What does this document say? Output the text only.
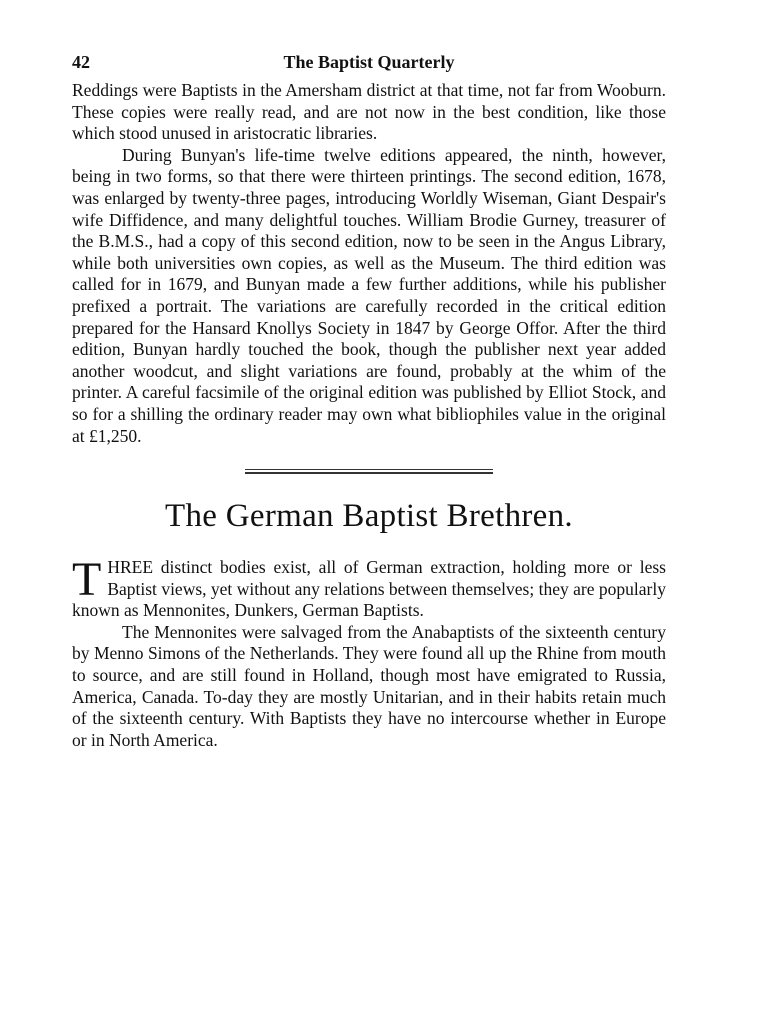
42	The Baptist Quarterly

Reddings were Baptists in the Amersham district at that time, not far from Wooburn. These copies were really read, and are not now in the best condition, like those which stood unused in aristocratic libraries.

During Bunyan's life-time twelve editions appeared, the ninth, however, being in two forms, so that there were thirteen printings. The second edition, 1678, was enlarged by twenty-three pages, introducing Worldly Wiseman, Giant Despair's wife Diffidence, and many delightful touches. William Brodie Gurney, treasurer of the B.M.S., had a copy of this second edition, now to be seen in the Angus Library, while both universities own copies, as well as the Museum. The third edition was called for in 1679, and Bunyan made a few further additions, while his publisher prefixed a portrait. The variations are carefully recorded in the critical edition prepared for the Hansard Knollys Society in 1847 by George Offor. After the third edition, Bunyan hardly touched the book, though the publisher next year added another woodcut, and slight variations are found, probably at the whim of the printer. A careful facsimile of the original edition was published by Elliot Stock, and so for a shilling the ordinary reader may own what bibliophiles value in the original at £1,250.

The German Baptist Brethren.

THREE distinct bodies exist, all of German extraction, holding more or less Baptist views, yet without any relations between themselves; they are popularly known as Mennonites, Dunkers, German Baptists.

The Mennonites were salvaged from the Anabaptists of the sixteenth century by Menno Simons of the Netherlands. They were found all up the Rhine from mouth to source, and are still found in Holland, though most have emigrated to Russia, America, Canada. To-day they are mostly Unitarian, and in their habits retain much of the sixteenth century. With Baptists they have no intercourse whether in Europe or in North America.
